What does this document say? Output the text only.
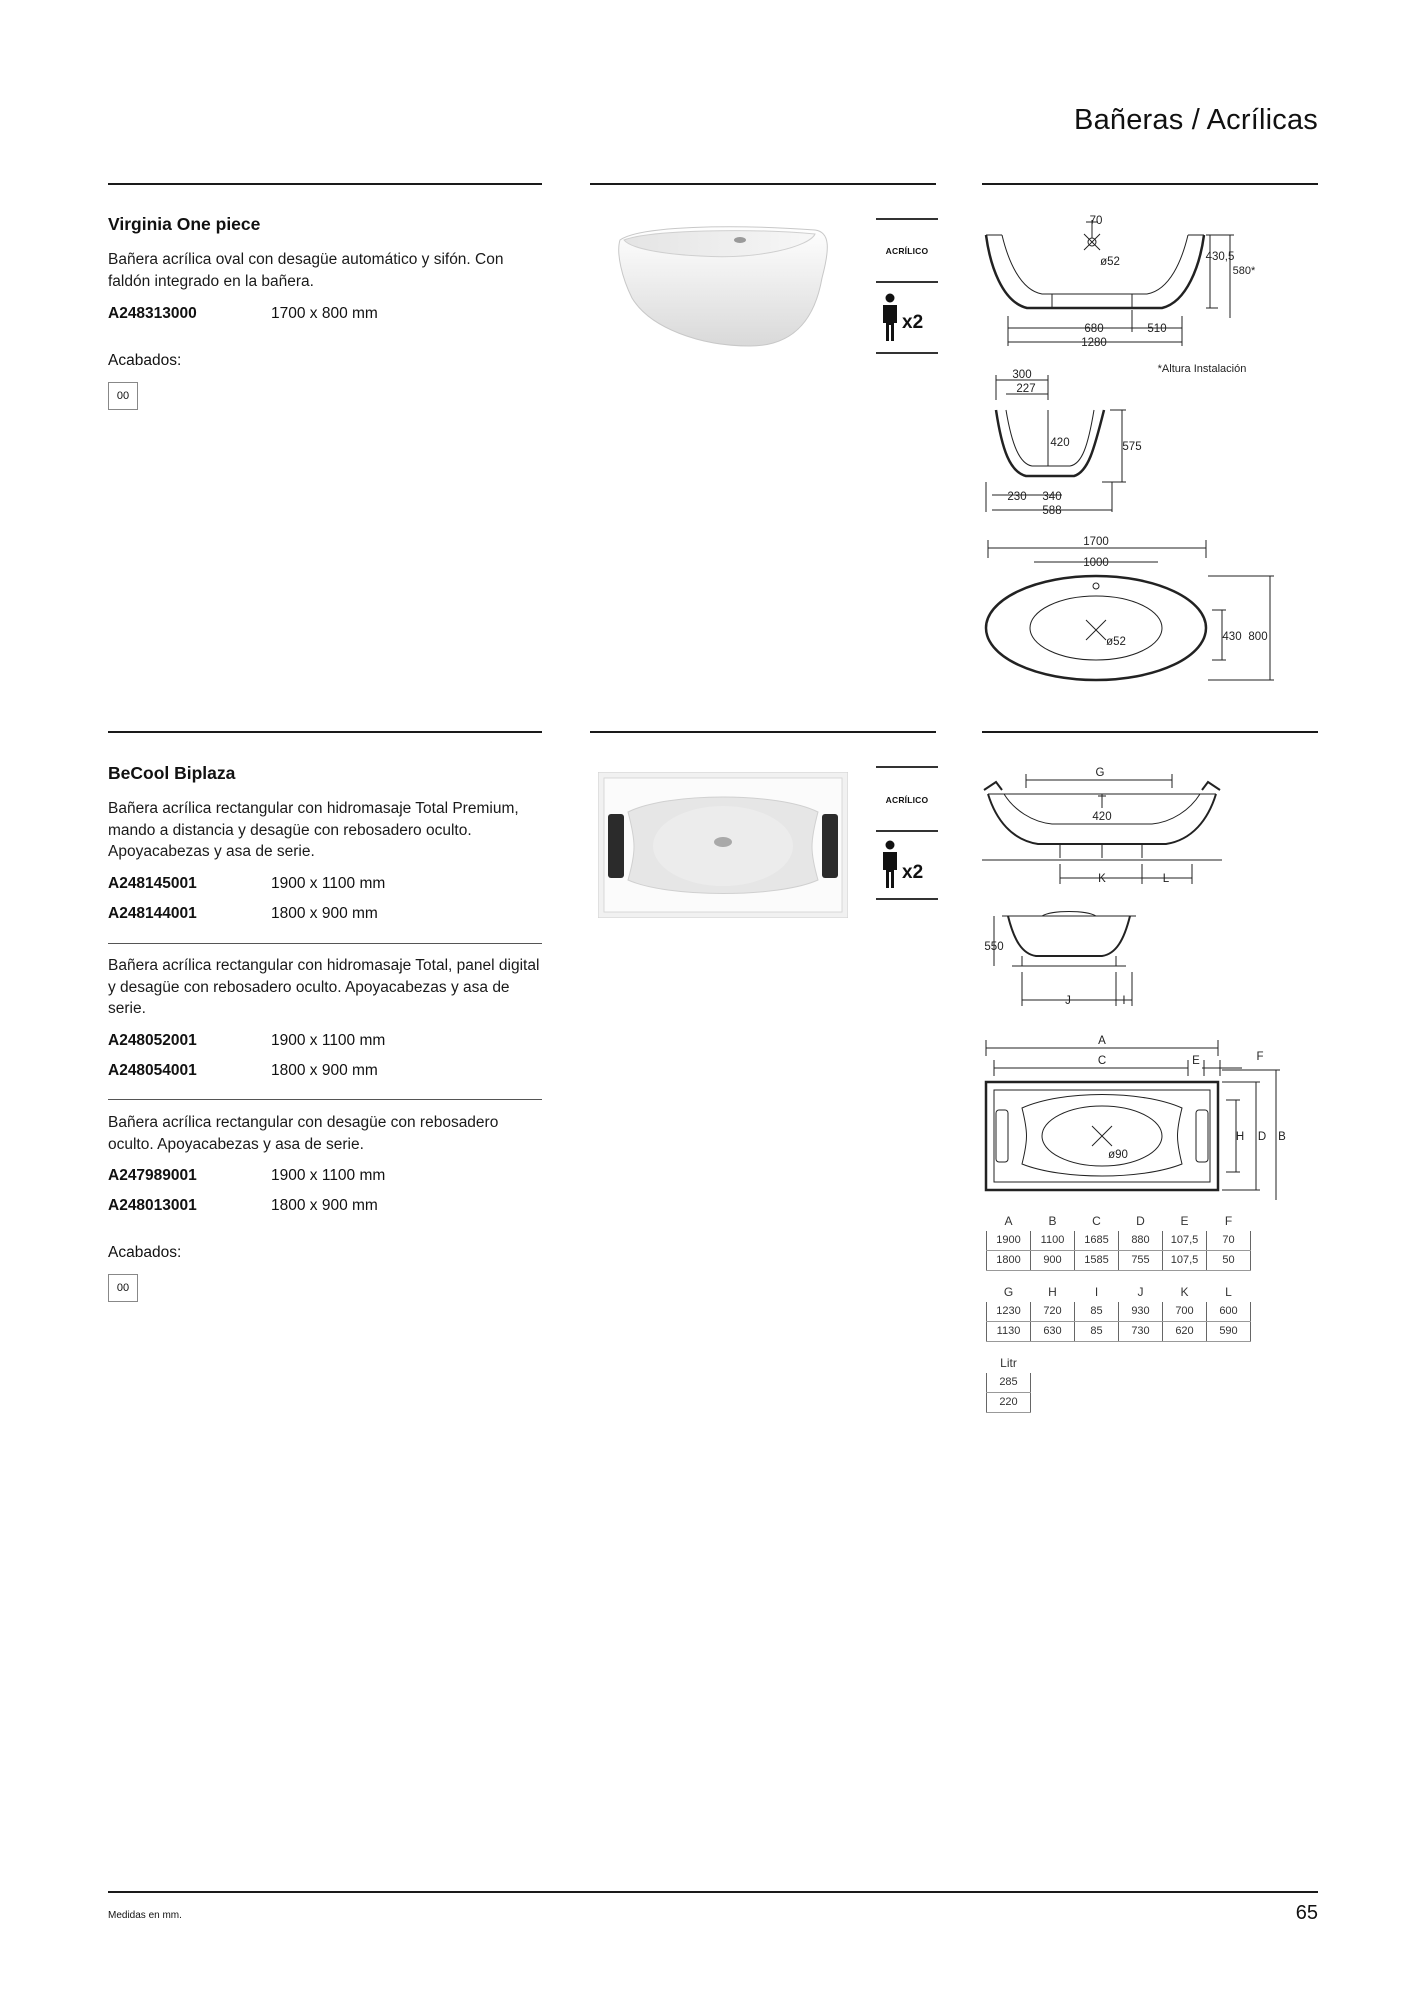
Bañeras / Acrílicas
Virginia One piece
Bañera acrílica oval con desagüe automático y sifón. Con faldón integrado en la bañera.
A248313000	1700 x 800 mm
Acabados:
00
ACRÍLICO
x2
70
ø52	430,5
580*
680	510
1280
*Altura Instalación
300
227
420	575
230 340
588
1700
1000
ø52	430 800
BeCool Biplaza
Bañera acrílica rectangular con hidromasaje Total Premium, mando a distancia y desagüe con rebosadero oculto. Apoyacabezas y asa de serie.
A248145001	1900 x 1100 mm
A248144001	1800 x 900 mm
Bañera acrílica rectangular con hidromasaje Total, panel digital y desagüe con rebosadero oculto. Apoyacabezas y asa de serie.
A248052001	1900 x 1100 mm
A248054001	1800 x 900 mm
Bañera acrílica rectangular con desagüe con rebosadero oculto. Apoyacabezas y asa de serie.
A247989001	1900 x 1100 mm
A248013001	1800 x 900 mm
Acabados:
00
ACRÍLICO
x2
G
420
K	L
550
J	I
A
C	E	F
H D B
ø90
A	B	C	D	E	F
1900	1100	1685	880	107,5	70
1800	900	1585	755	107,5	50
G	H	I	J	K	L
1230	720	85	930	700	600
1130	630	85	730	620	590
Litr
285
220
Medidas en mm.	65
